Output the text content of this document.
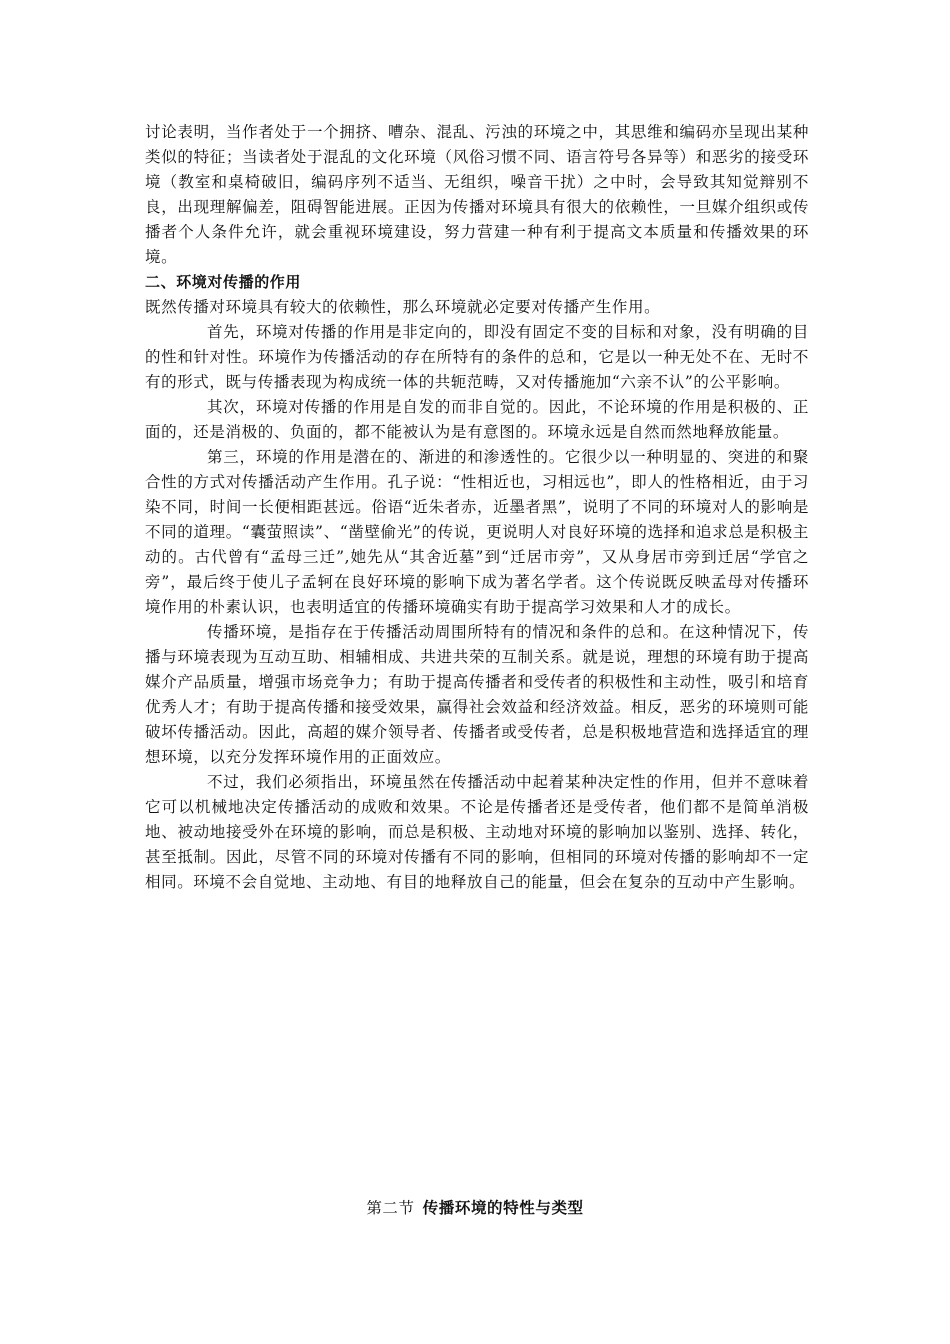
讨论表明，当作者处于一个拥挤、嘈杂、混乱、污浊的环境之中，其思维和编码亦呈现出某种类似的特征；当读者处于混乱的文化环境（风俗习惯不同、语言符号各异等）和恶劣的接受环境（教室和桌椅破旧，编码序列不适当、无组织，噪音干扰）之中时，会导致其知觉辩别不良，出现理解偏差，阻碍智能进展。正因为传播对环境具有很大的依赖性，一旦媒介组织或传播者个人条件允许，就会重视环境建设，努力营建一种有利于提高文本质量和传播效果的环境。

二、环境对传播的作用

既然传播对环境具有较大的依赖性，那么环境就必定要对传播产生作用。

首先，环境对传播的作用是非定向的，即没有固定不变的目标和对象，没有明确的目的性和针对性。环境作为传播活动的存在所特有的条件的总和，它是以一种无处不在、无时不有的形式，既与传播表现为构成统一体的共轭范畴，又对传播施加“六亲不认”的公平影响。

其次，环境对传播的作用是自发的而非自觉的。因此，不论环境的作用是积极的、正面的，还是消极的、负面的，都不能被认为是有意图的。环境永远是自然而然地释放能量。

第三，环境的作用是潜在的、渐进的和渗透性的。它很少以一种明显的、突进的和聚合性的方式对传播活动产生作用。孔子说：“性相近也，习相远也”，即人的性格相近，由于习染不同，时间一长便相距甚远。俗语“近朱者赤，近墨者黑”，说明了不同的环境对人的影响是不同的道理。“囊萤照读”、“凿壁偷光”的传说，更说明人对良好环境的选择和追求总是积极主动的。古代曾有“孟母三迁”,她先从“其舍近墓”到“迁居市旁”，又从身居市旁到迁居“学官之旁”，最后终于使儿子孟轲在良好环境的影响下成为著名学者。这个传说既反映孟母对传播环境作用的朴素认识，也表明适宜的传播环境确实有助于提高学习效果和人才的成长。

传播环境，是指存在于传播活动周围所特有的情况和条件的总和。在这种情况下，传播与环境表现为互动互助、相辅相成、共进共荣的互制关系。就是说，理想的环境有助于提高媒介产品质量，增强市场竞争力；有助于提高传播者和受传者的积极性和主动性，吸引和培育优秀人才；有助于提高传播和接受效果，赢得社会效益和经济效益。相反，恶劣的环境则可能破坏传播活动。因此，高超的媒介领导者、传播者或受传者，总是积极地营造和选择适宜的理想环境，以充分发挥环境作用的正面效应。

不过，我们必须指出，环境虽然在传播活动中起着某种决定性的作用，但并不意味着它可以机械地决定传播活动的成败和效果。不论是传播者还是受传者，他们都不是简单消极地、被动地接受外在环境的影响，而总是积极、主动地对环境的影响加以鉴别、选择、转化，甚至抵制。因此，尽管不同的环境对传播有不同的影响，但相同的环境对传播的影响却不一定相同。环境不会自觉地、主动地、有目的地释放自己的能量，但会在复杂的互动中产生影响。

第二节 传播环境的特性与类型
